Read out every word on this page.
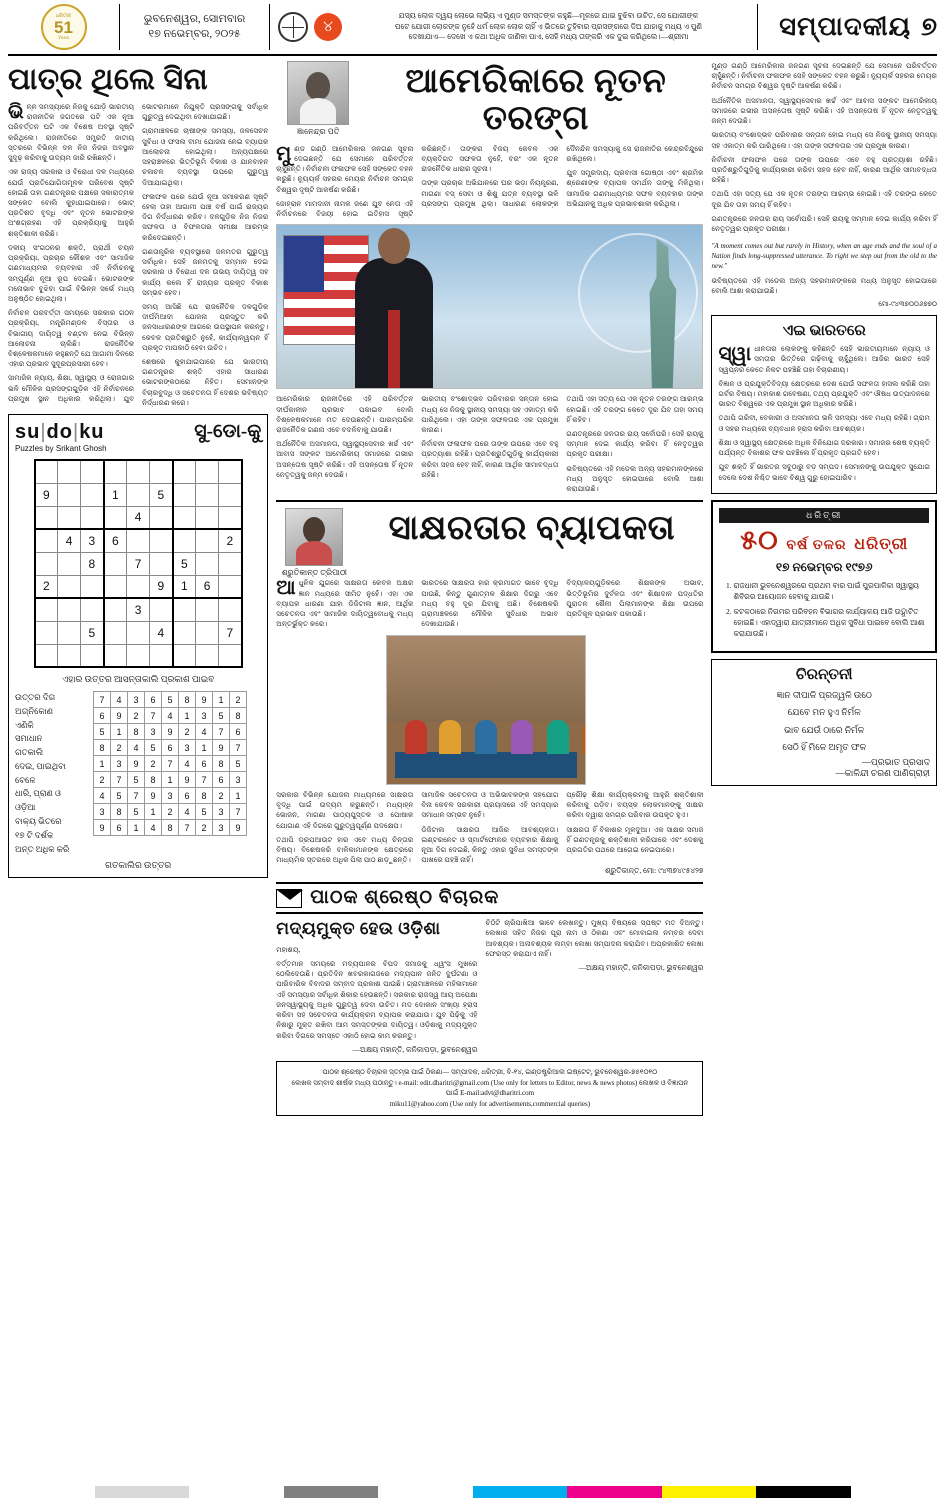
ଧରିତ୍ରୀ
51
Years
ଭୁବନେଶ୍ୱର, ସୋମବାର
୧୭ ନଭେମ୍ବର, ୨୦୨୫	୪
ଯସ୍ୟ ଲୋକ ଦ୍ୱୟ ଲୋଭେ ଲାଭ୍ୟି ଏ ମୁଣ୍ଡ ସମସ୍ତଙ୍କ କହୁଛି—ମୂଳରେ ଯାଇ ବୁଝିବା ଉଚିତ, ସେ ଯୋଗୀଙ୍କ
ପଟେ ଯୋଗୀ ଲୋକଙ୍କ ନୁହେଁ ଧର୍ମ ଲୋକ ଲୋକ ଚାହିଁ ଏ ଭିତରେ ତୁହିବାର ପ୍ରସଙ୍ଗରେ ଦିଅ ଯାହାକୁ ମଧ୍ୟ ଏ ପୁଣି
ଦେଖାଯାଏ— ଦେଖେ ଏ କଥା ଅଧିକ ଜାଣିବା ପାଏ, ସେହି ମଧ୍ୟ ତାଙ୍କରି ଏକ ଦୁଇ କରିଥିଲେ।—ଶ୍ରୀମା	ସମ୍ପାଦକୀୟ ୭
ପାତ୍ର ଥିଲେ ସିନା

ଭିନ୍ନ ସମସ୍ୟାରେ ନିଜକୁ ଯୋଡ଼ି ଭାରତୀୟ ରାଜନୀତିକ ଜଗତରେ ପଟି ଏକ ନୂଆ ପରିବର୍ତ୍ତନ ଘଟି ଏକ ବିଶେଷ ଅବସ୍ଥା ସୃଷ୍ଟି କରିଥିଲେ। ରାଜନୀତିରେ ସମ୍ପ୍ରତି ଜାତୀୟ ସ୍ତରରେ ବିଭିନ୍ନ ଦଳ ନିଜ ନିଜର ଅବସ୍ଥାନ ସୁଦୃଢ଼ କରିବାକୁ ଉଦ୍ୟମ ଜାରି ରଖିଛନ୍ତି।

ଏକ ରାଜ୍ୟ ସରକାର ଓ ବିରୋଧୀ ଦଳ ମଧ୍ୟରେ ଯେଉଁ ପ୍ରତିଯୋଗିତାମୂଳକ ପରିବେଶ ସୃଷ୍ଟି ହୋଇଛି ତାହା ଗଣତନ୍ତ୍ରର ପକ୍ଷରେ ସକାରାତ୍ମକ ସଙ୍କେତ ବୋଲି କୁହାଯାଇପାରେ। ଭୋଟ୍ ପ୍ରତିଶତ ବୃଦ୍ଧି ଏବଂ ନୂତନ ଭୋଟରଙ୍କ ଅଂଶଗ୍ରହଣ ଏହି ପ୍ରକ୍ରିୟାକୁ ଆହୁରି ଶକ୍ତିଶାଳୀ କରିଛି।

ଦଳୀୟ ସଂଗଠନର ଶକ୍ତି, ପ୍ରାର୍ଥୀ ଚୟନ ପ୍ରକ୍ରିୟା, ପ୍ରଚାର କୌଶଳ ଏବଂ ସାମାଜିକ ଗଣମାଧ୍ୟମର ବ୍ୟବହାର ଏହି ନିର୍ବାଚନକୁ ସମ୍ପୂର୍ଣ୍ଣ ନୂଆ ରୂପ ଦେଇଛି। ଭୋଟରଙ୍କ ମନୋଭାବ ବୁଝିବା ପାଇଁ ବିଭିନ୍ନ ସର୍ଭେ ମଧ୍ୟ ଅନୁଷ୍ଠିତ ହୋଇଥିଲା।

ନିର୍ବାଚନ ପରବର୍ତ୍ତୀ ସମୟରେ ସରକାର ଗଠନ ପ୍ରକ୍ରିୟା, ମନ୍ତ୍ରିମଣ୍ଡଳ ବିସ୍ତାର ଓ ବିଭାଗୀୟ ଦାୟିତ୍ୱ ବଣ୍ଟନ ନେଇ ବିଭିନ୍ନ ଆଲୋଚନା ଚାଲିଛି। ରାଜନୈତିକ ବିଶ୍ଳେଷକମାନେ କହୁଛନ୍ତି ଯେ ଆଗାମୀ ଦିନରେ ଏହାର ପ୍ରଭାବ ସୁଦୂରପ୍ରସାରୀ ହେବ।

ସାମାଜିକ ନ୍ୟାୟ, ଶିକ୍ଷା, ସ୍ୱାସ୍ଥ୍ୟ ଓ ରୋଜଗାର ଭଳି ମୌଳିକ ପ୍ରସଙ୍ଗଗୁଡ଼ିକ ଏହି ନିର୍ବାଚନରେ ପ୍ରମୁଖ ସ୍ଥାନ ଅଧିକାର କରିଥିଲା। ଯୁବ ଭୋଟରମାନେ ନିଯୁକ୍ତି ପ୍ରସଙ୍ଗକୁ ସର୍ବାଧିକ ଗୁରୁତ୍ୱ ଦେଇଥିବା ଦେଖାଯାଇଛି।

ଗ୍ରାମାଞ୍ଚଳରେ ଚାଷୀଙ୍କ ସମସ୍ୟା, ଜଳସେଚନ ସୁବିଧା ଓ ଫସଲ ବୀମା ଯୋଜନା ନେଇ ବ୍ୟାପକ ଆଲୋଚନା ହୋଇଥିଲା। ଅନ୍ୟପକ୍ଷରେ ସହରାଞ୍ଚଳରେ ଭିତ୍ତିଭୂମି ବିକାଶ ଓ ଯାନବାହନ ଚଳାଚଳ ବ୍ୟବସ୍ଥା ଉପରେ ଗୁରୁତ୍ୱ ଦିଆଯାଇଥିଲା।

ଫଳାଫଳ ପରେ ଯେଉଁ ନୂଆ ସମୀକରଣ ସୃଷ୍ଟି ହେଲା ତାହା ଆଗାମୀ ପାଞ୍ଚ ବର୍ଷ ପାଇଁ ରାଜ୍ୟର ଦିଗ ନିର୍ଦ୍ଧାରଣ କରିବ। ଦଳଗୁଡ଼ିକ ନିଜ ନିଜର ସଫଳତା ଓ ବିଫଳତାର ସମୀକ୍ଷା ଆରମ୍ଭ କରିଦେଇଛନ୍ତି।

ଗଣତାନ୍ତ୍ରିକ ବ୍ୟବସ୍ଥାରେ ଜନମତର ଗୁରୁତ୍ୱ ସର୍ବାଧିକ। ସେହି ଜନମତକୁ ସମ୍ମାନ ଦେଇ ସରକାର ଓ ବିରୋଧୀ ଦଳ ଉଭୟ ଦାୟିତ୍ୱ ସହ କାର୍ଯ୍ୟ କଲେ ହିଁ ରାଜ୍ୟର ପ୍ରକୃତ ବିକାଶ ସମ୍ଭବ ହେବ।

ସମୟ ଆସିଛି ଯେ ରାଜନୈତିକ ଦଳଗୁଡ଼ିକ ଦୀର୍ଘମିଆଦୀ ଯୋଜନା ପ୍ରସ୍ତୁତ କରି ଜନସାଧାରଣଙ୍କ ଆଗରେ ଉପସ୍ଥାପନ କରନ୍ତୁ। କେବଳ ପ୍ରତିଶ୍ରୁତି ନୁହେଁ, କାର୍ଯ୍ୟାନ୍ୱୟନ ହିଁ ପ୍ରକୃତ ମାପକାଠି ହେବା ଉଚିତ।

ଶେଷରେ କୁହାଯାଇପାରେ ଯେ ଭାରତୀୟ ଗଣତନ୍ତ୍ରର ଶକ୍ତି ଏହାର ସାଧାରଣ ଭୋଟରଙ୍କଠାରେ ନିହିତ। ସେମାନଙ୍କ ବିଚାରବୁଦ୍ଧି ଓ ସଚେତନତା ହିଁ ଦେଶର ଭବିଷ୍ୟତ ନିର୍ଦ୍ଧାରଣ କରେ।

su|do|ku
Puzzles by Srikant Ghosh
ସୁ-ଡୋ-କୁ

9			1		5			
				4				
	4	3	6					2
		8		7		5		
2					9	1	6	
				3				
		5			4			7

ଏହାର ଉତ୍ତର ଆସନ୍ତାକାଲି ପ୍ରକାଶ ପାଇବ
ଉତ୍ତର ଦିଗ
ଅଗ୍ନିକୋଣ
ଏଣିକି
ସମାଧାନ
ଗତକାଲି
ଦେଇ, ପାଇଥିବା
ବେଳେ
ଧାରି, ପ୍ରାଣ ଓ
ଓଡ଼ିଆ
ବାକ୍ୟ ଭିତରେ
୧୭ ଟି ଦର୍ଶକ
ଅନ୍ତ ଅଧିକ କରି
7	4	3	6	5	8	9	1	2
6	9	2	7	4	1	3	5	8
5	1	8	3	9	2	4	7	6
8	2	4	5	6	3	1	9	7
1	3	9	2	7	4	6	8	5
2	7	5	8	1	9	7	6	3
4	5	7	9	3	6	8	2	1
3	8	5	1	2	4	5	3	7
9	6	1	4	8	7	2	3	9
ଗତକାଲିର ଉତ୍ତର
ଜ୍ଞାନେନ୍ଦ୍ର ପତି
ଆମେରିକାରେ ନୂତନ ତରଙ୍ଗ

ମୁଣ୍ଡ ଗଣ୍ଠି ଆମେରିକାର ଜନଗଣ ସୂଚନା ଦେଇଛନ୍ତି ଯେ ସେମାନେ ପରିବର୍ତ୍ତନ ଚାହୁଁଛନ୍ତି। ନିର୍ବାଚନୀ ଫଳାଫଳ ସେହି ସଙ୍କେତ ବହନ କରୁଛି। ନ୍ୟୁୟର୍କ ସହରର ମେୟର ନିର୍ବାଚନ ସମଗ୍ର ବିଶ୍ୱର ଦୃଷ୍ଟି ଆକର୍ଷଣ କରିଛି।

ଜୋହ୍ରାନ ମାମଦାନୀ ନାମକ ଜଣେ ଯୁବ ନେତା ଏହି ନିର୍ବାଚନରେ ବିଜୟୀ ହୋଇ ଇତିହାସ ସୃଷ୍ଟି କରିଛନ୍ତି। ତାଙ୍କର ବିଜୟ କେବଳ ଏକ ବ୍ୟକ୍ତିଗତ ସଫଳତା ନୁହେଁ, ବରଂ ଏକ ନୂତନ ରାଜନୈତିକ ଧାରାର ସୂଚନା।

ତାଙ୍କ ପ୍ରଚାର ଅଭିଯାନରେ ଘର ଭଡ଼ା ନିୟନ୍ତ୍ରଣ, ମାଗଣା ବସ୍ ସେବା ଓ ଶିଶୁ ଯତ୍ନ ବ୍ୟବସ୍ଥା ଭଳି ପ୍ରସଙ୍ଗ ପ୍ରମୁଖ ଥିଲା। ସାଧାରଣ ଲୋକଙ୍କ ଦୈନନ୍ଦିନ ସମସ୍ୟାକୁ ସେ ରାଜନୀତିର କେନ୍ଦ୍ରବିନ୍ଦୁରେ ରଖିଥିଲେ।

ଯୁବ ସମ୍ପ୍ରଦାୟ, ପ୍ରବାସୀ ଗୋଷ୍ଠୀ ଏବଂ ଶ୍ରମିକ ଶ୍ରେଣୀଙ୍କ ବ୍ୟାପକ ସମର୍ଥନ ତାଙ୍କୁ ମିଳିଥିଲା। ସାମାଜିକ ଗଣମାଧ୍ୟମର ସଫଳ ବ୍ୟବହାର ତାଙ୍କ ଅଭିଯାନକୁ ଅଧିକ ପ୍ରଭାବଶାଳୀ କରିଥିଲା।

ଆମେରିକାର ରାଜନୀତିରେ ଏହି ପରିବର୍ତ୍ତନ ଦୀର୍ଘକାଳୀନ ପ୍ରଭାବ ପକାଇବ ବୋଲି ବିଶ୍ଳେଷକମାନେ ମତ ଦେଉଛନ୍ତି। ପାରମ୍ପରିକ ରାଜନୈତିକ ଗଣନା ଏବେ ବଦଳିବାକୁ ଯାଉଛି।

ଅର୍ଥନୈତିକ ଅସମାନତା, ସ୍ୱାସ୍ଥ୍ୟସେବାର ଖର୍ଚ୍ଚ ଏବଂ ଆବାସ ସଙ୍କଟ ଆମେରିକୀୟ ସମାଜରେ ଗଭୀର ଅସନ୍ତୋଷ ସୃଷ୍ଟି କରିଛି। ଏହି ଅସନ୍ତୋଷ ହିଁ ନୂତନ ନେତୃତ୍ୱକୁ ଜନ୍ମ ଦେଉଛି।

ଭାରତୀୟ ବଂଶୋଦ୍ଭବ ପରିବାରର ସନ୍ତାନ ହୋଇ ମଧ୍ୟ ସେ ନିଜକୁ ସ୍ଥାନୀୟ ସମସ୍ୟା ସହ ଏକାତ୍ମ କରି ପାରିଥିଲେ। ଏହା ତାଙ୍କ ସଫଳତାର ଏକ ପ୍ରମୁଖ କାରଣ।

ନିର୍ବାଚନୀ ଫଳାଫଳ ପରେ ତାଙ୍କ ଉପରେ ଏବେ ବହୁ ପ୍ରତ୍ୟାଶା ରହିଛି। ପ୍ରତିଶ୍ରୁତିଗୁଡ଼ିକୁ କାର୍ଯ୍ୟକାରୀ କରିବା ସହଜ ହେବ ନାହିଁ, କାରଣ ଆର୍ଥିକ ସୀମାବଦ୍ଧତା ରହିଛି।

ତଥାପି ଏହା ସତ୍ୟ ଯେ ଏକ ନୂତନ ତରଙ୍ଗ ଆରମ୍ଭ ହୋଇଛି। ଏହି ତରଙ୍ଗ କେତେ ଦୂର ଯିବ ତାହା ସମୟ ହିଁ କହିବ।

ଗଣତନ୍ତ୍ରରେ ଜନତାର ରାୟ ସର୍ବୋପରି। ସେହି ରାୟକୁ ସମ୍ମାନ ଦେଇ କାର୍ଯ୍ୟ କରିବା ହିଁ ନେତୃତ୍ୱର ପ୍ରକୃତ ପରୀକ୍ଷା।

ଭବିଷ୍ୟତରେ ଏହି ମଡେଲ ଅନ୍ୟ ସହରମାନଙ୍କରେ ମଧ୍ୟ ଅନୁସୃତ ହୋଇପାରେ ବୋଲି ଆଶା କରାଯାଉଛି।

ଶ୍ରୁତିକାନ୍ତ ତ୍ରିପାଠୀ
ସାକ୍ଷରତାର ବ୍ୟାପକତା

ଆଧୁନିକ ଯୁଗରେ ସାକ୍ଷରତା କେବଳ ଅକ୍ଷର ଜ୍ଞାନ ମଧ୍ୟରେ ସୀମିତ ନୁହେଁ। ଏହା ଏକ ବ୍ୟାପକ ଧାରଣା ଯାହା ଡିଜିଟାଲ ଜ୍ଞାନ, ଆର୍ଥିକ ସଚେତନତା ଏବଂ ସାମାଜିକ ଦାୟିତ୍ୱବୋଧକୁ ମଧ୍ୟ ଅନ୍ତର୍ଭୁକ୍ତ କରେ।

ଭାରତରେ ସାକ୍ଷରତା ହାର କ୍ରମାଗତ ଭାବେ ବୃଦ୍ଧି ପାଉଛି, କିନ୍ତୁ ଗୁଣାତ୍ମକ ଶିକ୍ଷାର ଦିଗରୁ ଏବେ ମଧ୍ୟ ବହୁ ଦୂର ଯିବାକୁ ଅଛି। ବିଶେଷକରି ଗ୍ରାମାଞ୍ଚଳରେ ମୌଳିକ ସୁବିଧାର ଅଭାବ ଦେଖାଯାଉଛି।

ବିଦ୍ୟାଳୟଗୁଡ଼ିକରେ ଶିକ୍ଷକଙ୍କ ଅଭାବ, ଭିତ୍ତିଭୂମିର ଦୁର୍ବଳତା ଏବଂ ଶିକ୍ଷାଦାନ ପଦ୍ଧତିର ପୁରାତନ ଶୈଳୀ ପିଲାମାନଙ୍କ ଶିକ୍ଷା ଉପରେ ପ୍ରତିକୂଳ ପ୍ରଭାବ ପକାଉଛି।

ସରକାର ବିଭିନ୍ନ ଯୋଜନା ମାଧ୍ୟମରେ ସାକ୍ଷରତା ବୃଦ୍ଧି ପାଇଁ ଉଦ୍ୟମ କରୁଛନ୍ତି। ମଧ୍ୟାହ୍ନ ଭୋଜନ, ମାଗଣା ପାଠ୍ୟପୁସ୍ତକ ଓ ପୋଷାକ ଯୋଗାଣ ଏହି ଦିଗରେ ଗୁରୁତ୍ୱପୂର୍ଣ୍ଣ ପଦକ୍ଷେପ।

ତଥାପି ଡ୍ରପଆଉଟ ହାର ଏବେ ମଧ୍ୟ ଚିନ୍ତାର ବିଷୟ। ବିଶେଷକରି ବାଳିକାମାନଙ୍କ କ୍ଷେତ୍ରରେ ମାଧ୍ୟମିକ ସ୍ତରରେ ଅଧିକ ପିଲା ପାଠ ଛାଡ଼ୁଛନ୍ତି।

ସାମାଜିକ ସଚେତନତା ଓ ଅଭିଭାବକଙ୍କ ସହଯୋଗ ବିନା କେବଳ ସରକାରୀ ପ୍ରୟାସରେ ଏହି ସମସ୍ୟାର ସମାଧାନ ସମ୍ଭବ ନୁହେଁ।

ଡିଜିଟାଲ ସାକ୍ଷରତା ଆଜିର ଆବଶ୍ୟକତା। ଇଣ୍ଟରନେଟ ଓ ସ୍ମାର୍ଟଫୋନର ବ୍ୟବହାର ଶିକ୍ଷାକୁ ନୂଆ ଦିଗ ଦେଇଛି, କିନ୍ତୁ ଏହାର ସୁବିଧା ସମସ୍ତଙ୍କ ପାଖରେ ପହଞ୍ଚି ନାହିଁ।

ପ୍ରୌଢ଼ ଶିକ୍ଷା କାର୍ଯ୍ୟକ୍ରମକୁ ଆହୁରି ଶକ୍ତିଶାଳୀ କରିବାକୁ ପଡ଼ିବ। ବୟସ୍କ ଲୋକମାନଙ୍କୁ ସାକ୍ଷର କରିବା ଦ୍ୱାରା ସମଗ୍ର ପରିବାର ଉପକୃତ ହୁଏ।

ସାକ୍ଷରତା ହିଁ ବିକାଶର ମୂଳଦୁଆ। ଏକ ସାକ୍ଷର ସମାଜ ହିଁ ଗଣତନ୍ତ୍ରକୁ ଶକ୍ତିଶାଳୀ କରିପାରେ ଏବଂ ଦେଶକୁ ପ୍ରଗତିର ପଥରେ ଆଗେଇ ନେଇପାରେ।

ଶ୍ରୁତିକାନ୍ତ, ମୋ: ୯୪୩୭୪୯୫୪୨୭
ପାଠକ ଶ୍ରେଷ୍ଠ ବିଚାରକ
ମଦ୍ୟମୁକ୍ତ ହେଉ ଓଡ଼ିଶା

ମହାଶୟ,

ବର୍ତ୍ତମାନ ସମୟରେ ମଦ୍ୟପାନର ବିପଦ ସମାଜକୁ ଧ୍ୱଂସ ମୁଖରେ ଠେଲିଦେଉଛି। ପ୍ରତିଦିନ ଖବରକାଗଜରେ ମଦ୍ୟପାନ ଜନିତ ଦୁର୍ଘଟଣା ଓ ପାରିବାରିକ ବିବାଦର ସମ୍ବାଦ ପ୍ରକାଶ ପାଉଛି। ଗ୍ରାମାଞ୍ଚଳରେ ମହିଳାମାନେ ଏହି ସମସ୍ୟାର ସର୍ବାଧିକ ଶିକାର ହେଉଛନ୍ତି। ସରକାର ରାଜସ୍ୱ ଆୟ ଅପେକ୍ଷା ଜନସ୍ୱାସ୍ଥ୍ୟକୁ ଅଧିକ ଗୁରୁତ୍ୱ ଦେବା ଉଚିତ। ମଦ ଦୋକାନ ସଂଖ୍ୟା ହ୍ରାସ କରିବା ସହ ସଚେତନତା କାର୍ଯ୍ୟକ୍ରମ ବ୍ୟାପକ କରାଯାଉ। ଯୁବ ପିଢ଼ିକୁ ଏହି ନିଶାରୁ ମୁକ୍ତ ରଖିବା ଆମ ସମସ୍ତଙ୍କର ଦାୟିତ୍ୱ। ଓଡ଼ିଶାକୁ ମଦ୍ୟମୁକ୍ତ କରିବା ଦିଗରେ ସମସ୍ତେ ଏକାଠି ହୋଇ କାମ କରନ୍ତୁ।

—ଅକ୍ଷୟ ମହାନ୍ତି, କନିକାପଡ଼ା, ଭୁବନେଶ୍ୱର

ଚିଠିଟି ଚାରିପାଖିଆ ଭାବେ ଲେଖନ୍ତୁ। ମୁଖ୍ୟ ବିଷୟରେ ସ୍ପଷ୍ଟ ମତ ଦିଅନ୍ତୁ। ଲେଖାର ସହିତ ନିଜର ପୂରା ନାମ ଓ ଠିକଣା ଏବଂ ମୋବାଇଲ ନମ୍ବର ଦେବା ଆବଶ୍ୟକ। ଅନାବଶ୍ୟକ ଲମ୍ବା ଲେଖା ସମ୍ପାଦନା କରାଯିବ। ଅପ୍ରକାଶିତ ଲେଖା ଫେରସ୍ତ କରାଯାଏ ନାହିଁ।

—ଅକ୍ଷୟ ମହାନ୍ତି, କନିକାପଡ଼ା, ଭୁବନେଶ୍ୱର
ପାଠକ ଶ୍ରେଷ୍ଠ ବିଚାରକ ସ୍ତମ୍ଭ ପାଇଁ ଠିକଣା— ସମ୍ପାଦକ, ଧରିତ୍ରୀ, ବି-୧୪, ଇଣ୍ଡଷ୍ଟ୍ରିଆଲ ଇଷ୍ଟେଟ୍, ଭୁବନେଶ୍ୱର-୭୫୧୦୧୦
ଲେଖକ ସମ୍ବାଦ ଶୀର୍ଷକ ମଧ୍ୟ ପଠାନ୍ତୁ। e-mail: edit.dharitri@gmail.com (Use only for letters to Editor, news & news photos) ଲେଖକ ଓ ବିଜ୍ଞାପନ ପାଇଁ E-mail:advt@dharitri.com
miku11@yahoo.com (Use only for advertisements,commercial queries)

ମୁଣ୍ଡ ଗଣ୍ଠି ଆମେରିକାର ଜନଗଣ ସୂଚନା ଦେଇଛନ୍ତି ଯେ ସେମାନେ ପରିବର୍ତ୍ତନ ଚାହୁଁଛନ୍ତି। ନିର୍ବାଚନୀ ଫଳାଫଳ ସେହି ସଙ୍କେତ ବହନ କରୁଛି। ନ୍ୟୁୟର୍କ ସହରର ମେୟର ନିର୍ବାଚନ ସମଗ୍ର ବିଶ୍ୱର ଦୃଷ୍ଟି ଆକର୍ଷଣ କରିଛି।

ଅର୍ଥନୈତିକ ଅସମାନତା, ସ୍ୱାସ୍ଥ୍ୟସେବାର ଖର୍ଚ୍ଚ ଏବଂ ଆବାସ ସଙ୍କଟ ଆମେରିକୀୟ ସମାଜରେ ଗଭୀର ଅସନ୍ତୋଷ ସୃଷ୍ଟି କରିଛି। ଏହି ଅସନ୍ତୋଷ ହିଁ ନୂତନ ନେତୃତ୍ୱକୁ ଜନ୍ମ ଦେଉଛି।

ଭାରତୀୟ ବଂଶୋଦ୍ଭବ ପରିବାରର ସନ୍ତାନ ହୋଇ ମଧ୍ୟ ସେ ନିଜକୁ ସ୍ଥାନୀୟ ସମସ୍ୟା ସହ ଏକାତ୍ମ କରି ପାରିଥିଲେ। ଏହା ତାଙ୍କ ସଫଳତାର ଏକ ପ୍ରମୁଖ କାରଣ।

ନିର୍ବାଚନୀ ଫଳାଫଳ ପରେ ତାଙ୍କ ଉପରେ ଏବେ ବହୁ ପ୍ରତ୍ୟାଶା ରହିଛି। ପ୍ରତିଶ୍ରୁତିଗୁଡ଼ିକୁ କାର୍ଯ୍ୟକାରୀ କରିବା ସହଜ ହେବ ନାହିଁ, କାରଣ ଆର୍ଥିକ ସୀମାବଦ୍ଧତା ରହିଛି।

ତଥାପି ଏହା ସତ୍ୟ ଯେ ଏକ ନୂତନ ତରଙ୍ଗ ଆରମ୍ଭ ହୋଇଛି। ଏହି ତରଙ୍ଗ କେତେ ଦୂର ଯିବ ତାହା ସମୟ ହିଁ କହିବ।

ଗଣତନ୍ତ୍ରରେ ଜନତାର ରାୟ ସର୍ବୋପରି। ସେହି ରାୟକୁ ସମ୍ମାନ ଦେଇ କାର୍ଯ୍ୟ କରିବା ହିଁ ନେତୃତ୍ୱର ପ୍ରକୃତ ପରୀକ୍ଷା।

"A moment comes out but rarely in History, when an age ends and the soul of a Nation finds long-suppressed utterance. To right we step out from the old to the new."

ଭବିଷ୍ୟତରେ ଏହି ମଡେଲ ଅନ୍ୟ ସହରମାନଙ୍କରେ ମଧ୍ୟ ଅନୁସୃତ ହୋଇପାରେ ବୋଲି ଆଶା କରାଯାଉଛି।

ମୋ-୯୪୩୭୦୦୬୭୭୦
ଏଇ ଭାରତରେ

ସ୍ୱାଧୀନତାର ଲୋକଙ୍କୁ କହିଛନ୍ତି ସେହି ଭାରତୀୟମାନେ ନ୍ୟାୟ ଓ ସମତାର ଭିତ୍ତିରେ ଗଢ଼ିବାକୁ ଚାହୁଁଥିଲେ। ଆଜିର ଭାରତ ସେହି ସ୍ୱପ୍ନର କେତେ ନିକଟ ପହଞ୍ଚିଛି ତାହା ବିଚାରଣୀୟ।

ବିଜ୍ଞାନ ଓ ପ୍ରଯୁକ୍ତିବିଦ୍ୟା କ୍ଷେତ୍ରରେ ଦେଶ ଯେଉଁ ସଫଳତା ହାସଲ କରିଛି ତାହା ଗର୍ବର ବିଷୟ। ମହାକାଶ ଗବେଷଣା, ତଥ୍ୟ ପ୍ରଯୁକ୍ତି ଏବଂ ଔଷଧ ଉତ୍ପାଦନରେ ଭାରତ ବିଶ୍ୱରେ ଏକ ପ୍ରମୁଖ ସ୍ଥାନ ଅଧିକାର କରିଛି।

ତଥାପି ଗରିବୀ, ବେକାରୀ ଓ ଅସମାନତା ଭଳି ସମସ୍ୟା ଏବେ ମଧ୍ୟ ରହିଛି। ଗ୍ରାମ ଓ ସହର ମଧ୍ୟରେ ବ୍ୟବଧାନ ହ୍ରାସ କରିବା ଆବଶ୍ୟକ।

ଶିକ୍ଷା ଓ ସ୍ୱାସ୍ଥ୍ୟ କ୍ଷେତ୍ରରେ ଅଧିକ ବିନିଯୋଗ ଦରକାର। ସମାଜର ଶେଷ ବ୍ୟକ୍ତି ପର୍ଯ୍ୟନ୍ତ ବିକାଶର ଫଳ ପହଞ୍ଚିଲେ ହିଁ ପ୍ରକୃତ ପ୍ରଗତି ହେବ।

ଯୁବ ଶକ୍ତି ହିଁ ଭାରତର ସବୁଠାରୁ ବଡ଼ ସମ୍ପଦ। ସେମାନଙ୍କୁ ଉପଯୁକ୍ତ ସୁଯୋଗ ଦେଲେ ଦେଶ ନିଶ୍ଚିତ ଭାବେ ବିଶ୍ୱ ଗୁରୁ ହୋଇପାରିବ।

ଧରିତ୍ରୀ
୫୦ ବର୍ଷ ତଳର ଧରିତ୍ରୀ
୧୭ ନଭେମ୍ବର ୧୯୭୬
1. ରାଜଧାନୀ ଭୁବନେଶ୍ୱରରେ ପ୍ରଥମ ବାର ପାଇଁ ପୁରପାଳିକା ସ୍ୱାସ୍ଥ୍ୟ ଶିବିରର ଆୟୋଜନ ହେବାକୁ ଯାଉଛି।
2. କଟକଠାରେ ନିଗମର ପରିବହନ ବିଭାଗର କାର୍ଯ୍ୟାଳୟ ଆଜି ଉଦ୍ଘାଟିତ ହୋଇଛି। ଏହାଦ୍ୱାରା ଯାତ୍ରୀମାନେ ଅଧିକ ସୁବିଧା ପାଇବେ ବୋଲି ଆଶା କରାଯାଉଛି।
ଚିରନ୍ତନୀ

ଜ୍ଞାନ ଦୀପାଳି ପ୍ରଜ୍ୱଳି ଉଠେ

ଯେବେ ମନ ହୁଏ ନିର୍ମଳ

ଭାବ ଯେଉଁ ଠାରେ ନିର୍ମଳ

ସେଠି ହିଁ ମିଳେ ଅମୃତ ଫଳ

—ପ୍ରଭାତ ପ୍ରସାଦ
—କାଳିନ୍ଦୀ ଚରଣ ପାଣିଗ୍ରାହୀ
